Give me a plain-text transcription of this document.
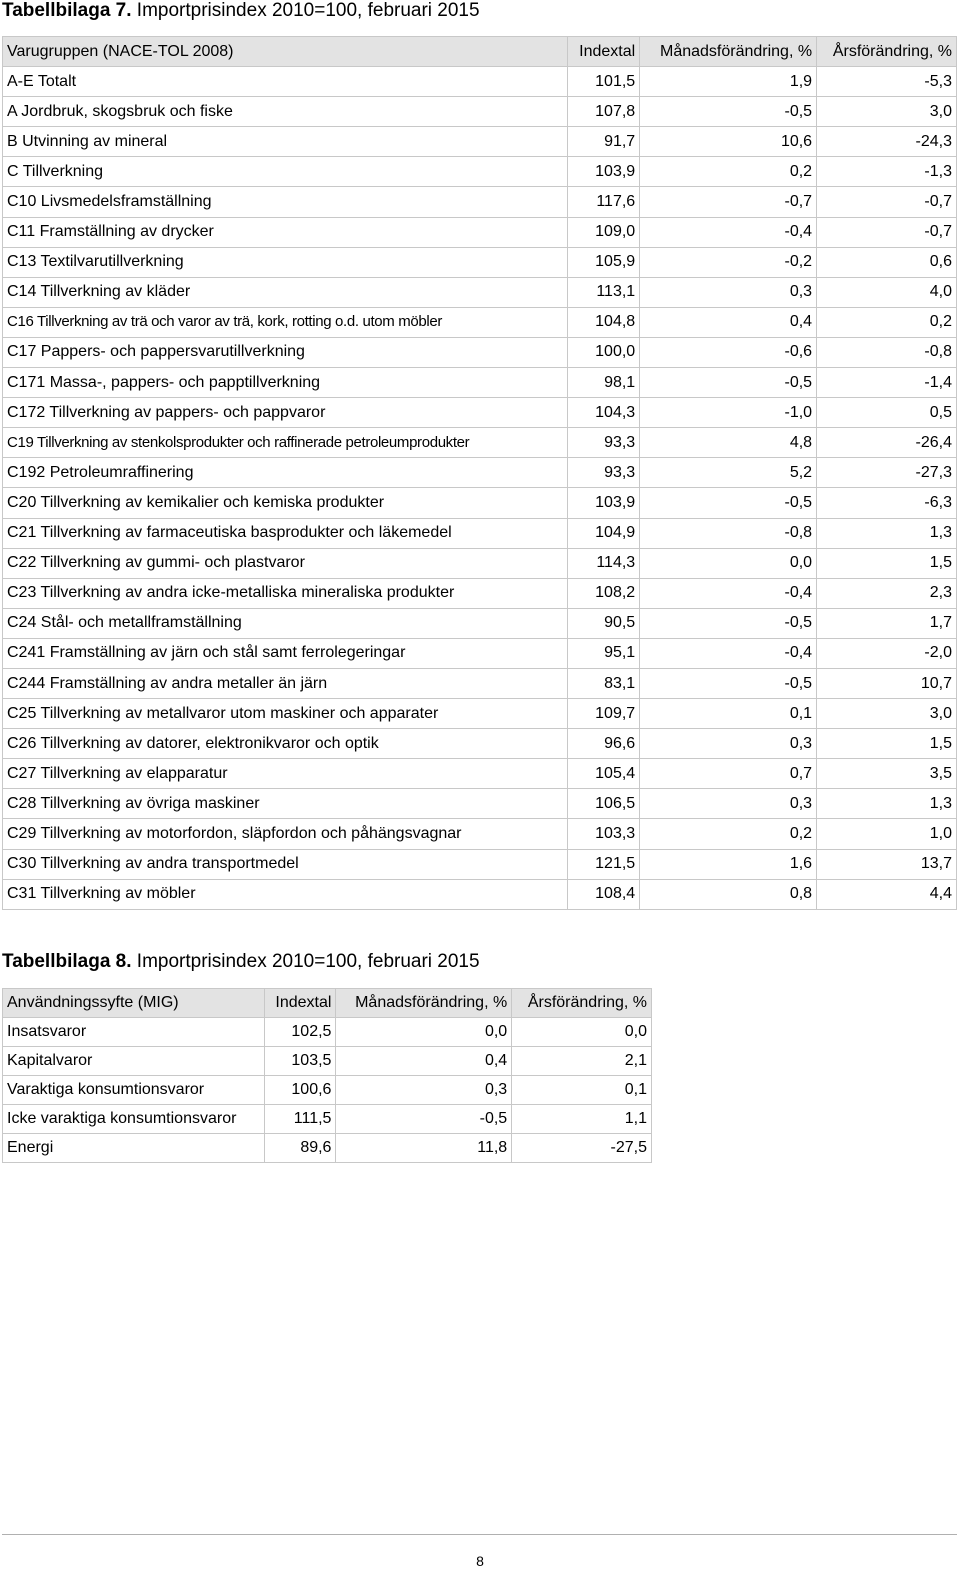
Tabellbilaga 7. Importprisindex 2010=100, februari 2015
Varugruppen (NACE-TOL 2008)	Indextal	Månadsförändring, %	Årsförändring, %
A-E Totalt	101,5	1,9	-5,3
A Jordbruk, skogsbruk och fiske	107,8	-0,5	3,0
B Utvinning av mineral	91,7	10,6	-24,3
C Tillverkning	103,9	0,2	-1,3
C10 Livsmedelsframställning	117,6	-0,7	-0,7
C11 Framställning av drycker	109,0	-0,4	-0,7
C13 Textilvarutillverkning	105,9	-0,2	0,6
C14 Tillverkning av kläder	113,1	0,3	4,0
C16 Tillverkning av trä och varor av trä, kork, rotting o.d. utom möbler	104,8	0,4	0,2
C17 Pappers- och pappersvarutillverkning	100,0	-0,6	-0,8
C171 Massa-, pappers- och papptillverkning	98,1	-0,5	-1,4
C172 Tillverkning av pappers- och pappvaror	104,3	-1,0	0,5
C19 Tillverkning av stenkolsprodukter och raffinerade petroleumprodukter	93,3	4,8	-26,4
C192 Petroleumraffinering	93,3	5,2	-27,3
C20 Tillverkning av kemikalier och kemiska produkter	103,9	-0,5	-6,3
C21 Tillverkning av farmaceutiska basprodukter och läkemedel	104,9	-0,8	1,3
C22 Tillverkning av gummi- och plastvaror	114,3	0,0	1,5
C23 Tillverkning av andra icke-metalliska mineraliska produkter	108,2	-0,4	2,3
C24 Stål- och metallframställning	90,5	-0,5	1,7
C241 Framställning av järn och stål samt ferrolegeringar	95,1	-0,4	-2,0
C244 Framställning av andra metaller än järn	83,1	-0,5	10,7
C25 Tillverkning av metallvaror utom maskiner och apparater	109,7	0,1	3,0
C26 Tillverkning av datorer, elektronikvaror och optik	96,6	0,3	1,5
C27 Tillverkning av elapparatur	105,4	0,7	3,5
C28 Tillverkning av övriga maskiner	106,5	0,3	1,3
C29 Tillverkning av motorfordon, släpfordon och påhängsvagnar	103,3	0,2	1,0
C30 Tillverkning av andra transportmedel	121,5	1,6	13,7
C31 Tillverkning av möbler	108,4	0,8	4,4
Tabellbilaga 8. Importprisindex 2010=100, februari 2015
Användningssyfte (MIG)	Indextal	Månadsförändring, %	Årsförändring, %
Insatsvaror	102,5	0,0	0,0
Kapitalvaror	103,5	0,4	2,1
Varaktiga konsumtionsvaror	100,6	0,3	0,1
Icke varaktiga konsumtionsvaror	111,5	-0,5	1,1
Energi	89,6	11,8	-27,5
8
